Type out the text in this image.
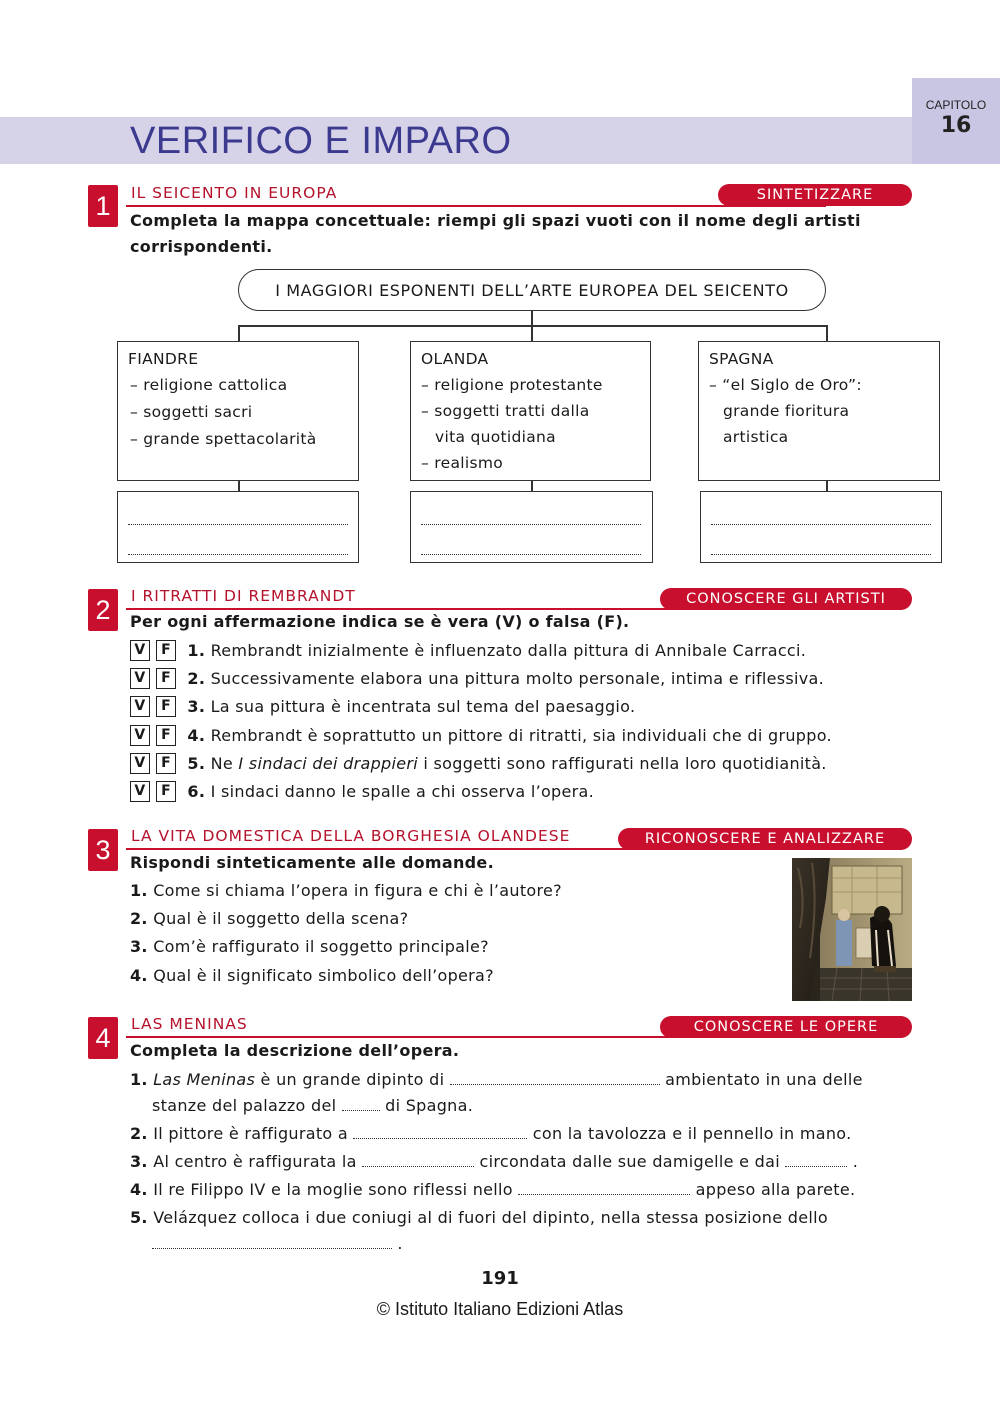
VERIFICO E IMPARO
CAPITOLO
16
1	IL SEICENTO IN EUROPA	SINTETIZZARE
Completa la mappa concettuale: riempi gli spazi vuoti con il nome degli artisti
corrispondenti.
I MAGGIORI ESPONENTI DELL’ARTE EUROPEA DEL SEICENTO
FIANDRE
– religione cattolica
– soggetti sacri
– grande spettacolarità
OLANDA
– religione protestante
– soggetti tratti dalla
vita quotidiana
– realismo
SPAGNA
– “el Siglo de Oro”:
grande fioritura
artistica
2	I RITRATTI DI REMBRANDT	CONOSCERE GLI ARTISTI
Per ogni affermazione indica se è vera (V) o falsa (F).
V F 1. Rembrandt inizialmente è influenzato dalla pittura di Annibale Carracci.
V F 2. Successivamente elabora una pittura molto personale, intima e riflessiva.
V F 3. La sua pittura è incentrata sul tema del paesaggio.
V F 4. Rembrandt è soprattutto un pittore di ritratti, sia individuali che di gruppo.
V F 5. Ne I sindaci dei drappieri i soggetti sono raffigurati nella loro quotidianità.
V F 6. I sindaci danno le spalle a chi osserva l’opera.
3	LA VITA DOMESTICA DELLA BORGHESIA OLANDESE	RICONOSCERE E ANALIZZARE
Rispondi sinteticamente alle domande.
1. Come si chiama l’opera in figura e chi è l’autore?
2. Qual è il soggetto della scena?
3. Com’è raffigurato il soggetto principale?
4. Qual è il significato simbolico dell’opera?
4	LAS MENINAS	CONOSCERE LE OPERE
Completa la descrizione dell’opera.
1. Las Meninas è un grande dipinto di	ambientato in una delle
stanze del palazzo del  di Spagna.
2. Il pittore è raffigurato a	con la tavolozza e il pennello in mano.
3. Al centro è raffigurata la	circondata dalle sue damigelle e dai	.
4. Il re Filippo IV e la moglie sono riflessi nello	appeso alla parete.
5. Velázquez colloca i due coniugi al di fuori del dipinto, nella stessa posizione dello
.
191
© Istituto Italiano Edizioni Atlas
